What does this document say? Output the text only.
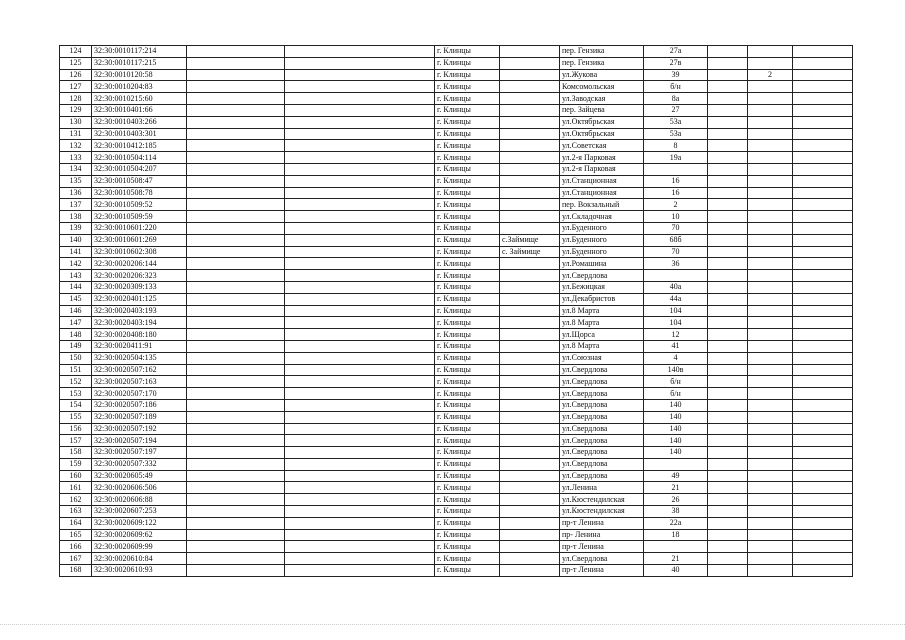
124	32:30:0010117:214			г. Клинцы		пер. Гензика	27а			
125	32:30:0010117:215			г. Клинцы		пер. Гензика	27в			
126	32:30:0010120:58			г. Клинцы		ул.Жукова	39		2	
127	32:30:0010204:83			г. Клинцы		Комсомольская	б/н			
128	32:30:0010215:60			г. Клинцы		ул.Заводская	8а			
129	32:30:0010401:66			г. Клинцы		пер. Зайцева	27			
130	32:30:0010403:266			г. Клинцы		ул.Октябрьская	53а			
131	32:30:0010403:301			г. Клинцы		ул.Октябрьская	53а			
132	32:30:0010412:185			г. Клинцы		ул.Советская	8			
133	32:30:0010504:114			г. Клинцы		ул.2-я Парковая	19а			
134	32:30:0010504:207			г. Клинцы		ул.2-я Парковая				
135	32:30:0010508:47			г. Клинцы		ул.Станционная	16			
136	32:30:0010508:78			г. Клинцы		ул.Станционная	16			
137	32:30:0010509:52			г. Клинцы		пер. Вокзальный	2			
138	32:30:0010509:59			г. Клинцы		ул.Складочная	10			
139	32:30:0010601:220			г. Клинцы		ул.Буденного	70			
140	32:30:0010601:269			г. Клинцы	с.Займище	ул.Буденного	68б			
141	32:30:0010602:308			г. Клинцы	с. Займище	ул.Буденного	70			
142	32:30:0020206:144			г. Клинцы		ул.Ромашина	36			
143	32:30:0020206:323			г. Клинцы		ул.Свердлова				
144	32:30:0020309:133			г. Клинцы		ул.Бежицкая	40а			
145	32:30:0020401:125			г. Клинцы		ул.Декабристов	44а			
146	32:30:0020403:193			г. Клинцы		ул.8 Марта	104			
147	32:30:0020403:194			г. Клинцы		ул.8 Марта	104			
148	32:30:0020408:180			г. Клинцы		ул.Щорса	12			
149	32:30:0020411:91			г. Клинцы		ул.8 Марта	41			
150	32:30:0020504:135			г. Клинцы		ул.Союзная	4			
151	32:30:0020507:162			г. Клинцы		ул.Свердлова	140в			
152	32:30:0020507:163			г. Клинцы		ул.Свердлова	б/н			
153	32:30:0020507:170			г. Клинцы		ул.Свердлова	б/н			
154	32:30:0020507:186			г. Клинцы		ул.Свердлова	140			
155	32:30:0020507:189			г. Клинцы		ул.Свердлова	140			
156	32:30:0020507:192			г. Клинцы		ул.Свердлова	140			
157	32:30:0020507:194			г. Клинцы		ул.Свердлова	140			
158	32:30:0020507:197			г. Клинцы		ул.Свердлова	140			
159	32:30:0020507:332			г. Клинцы		ул.Свердлова				
160	32:30:0020605:49			г. Клинцы		ул.Свердлова	49			
161	32:30:0020606:506			г. Клинцы		ул.Ленина	21			
162	32:30:0020606:88			г. Клинцы		ул.Кюстендилская	26			
163	32:30:0020607:253			г. Клинцы		ул.Кюстендилская	38			
164	32:30:0020609:122			г. Клинцы		пр-т Ленина	22а			
165	32:30:0020609:62			г. Клинцы		пр- Ленина	18			
166	32:30:0020609:99			г. Клинцы		пр-т Ленина				
167	32:30:0020610:84			г. Клинцы		ул.Свердлова	21			
168	32:30:0020610:93			г. Клинцы		пр-т Ленина	40			
